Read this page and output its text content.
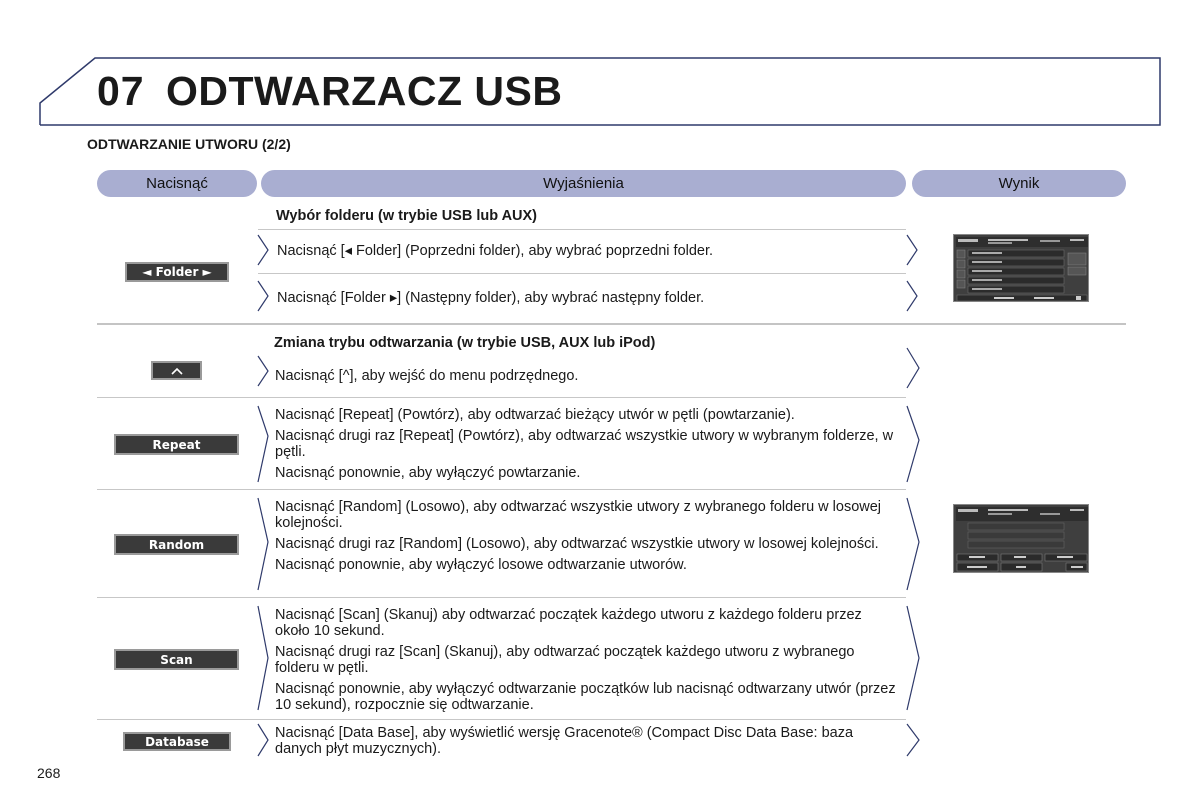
07 ODTWARZACZ USB
ODTWARZANIE UTWORU (2/2)
Nacisnąć	Wyjaśnienia	Wynik
Wybór folderu (w trybie USB lub AUX)
◄ Folder ►
Nacisnąć [◂ Folder] (Poprzedni folder), aby wybrać poprzedni folder.
Nacisnąć [Folder ▸] (Następny folder), aby wybrać następny folder.
Zmiana trybu odtwarzania (w trybie USB, AUX lub iPod)
Nacisnąć [^], aby wejść do menu podrzędnego.
Repeat
Nacisnąć [Repeat] (Powtórz), aby odtwarzać bieżący utwór w pętli (powtarzanie).
Nacisnąć drugi raz [Repeat] (Powtórz), aby odtwarzać wszystkie utwory w wybranym folderze, w pętli.
Nacisnąć ponownie, aby wyłączyć powtarzanie.
Random
Nacisnąć [Random] (Losowo), aby odtwarzać wszystkie utwory z wybranego folderu w losowej kolejności.
Nacisnąć drugi raz [Random] (Losowo), aby odtwarzać wszystkie utwory w losowej kolejności.
Nacisnąć ponownie, aby wyłączyć losowe odtwarzanie utworów.
Scan
Nacisnąć [Scan] (Skanuj) aby odtwarzać początek każdego utworu z każdego folderu przez około 10 sekund.
Nacisnąć drugi raz [Scan] (Skanuj), aby odtwarzać początek każdego utworu z wybranego folderu w pętli.
Nacisnąć ponownie, aby wyłączyć odtwarzanie początków lub nacisnąć odtwarzany utwór (przez 10 sekund), rozpocznie się odtwarzanie.
Database
Nacisnąć [Data Base], aby wyświetlić wersję Gracenote® (Compact Disc Data Base: baza danych płyt muzycznych).
268
